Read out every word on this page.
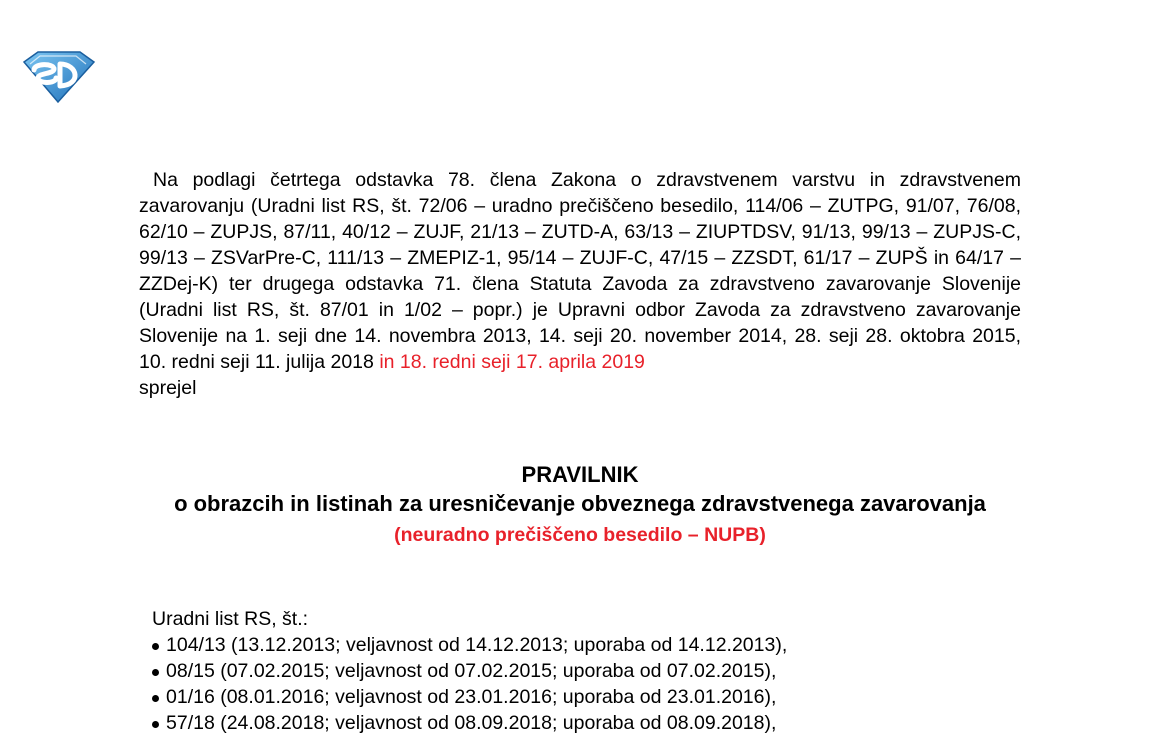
Na podlagi četrtega odstavka 78. člena Zakona o zdravstvenem varstvu in zdravstvenem zavarovanju (Uradni list RS, št. 72/06 – uradno prečiščeno besedilo, 114/06 – ZUTPG, 91/07, 76/08, 62/10 – ZUPJS, 87/11, 40/12 – ZUJF, 21/13 – ZUTD-A, 63/13 – ZIUPTDSV, 91/13, 99/13 – ZUPJS-C, 99/13 – ZSVarPre-C, 111/13 – ZMEPIZ-1, 95/14 – ZUJF-C, 47/15 – ZZSDT, 61/17 – ZUPŠ in 64/17 – ZZDej-K) ter drugega odstavka 71. člena Statuta Zavoda za zdravstveno zavarovanje Slovenije (Uradni list RS, št. 87/01 in 1/02 – popr.) je Upravni odbor Zavoda za zdravstveno zavarovanje Slovenije na 1. seji dne 14. novembra 2013, 14. seji 20. november 2014, 28. seji 28. oktobra 2015, 10. redni seji 11. julija 2018 in 18. redni seji 17. aprila 2019
sprejel

PRAVILNIK
o obrazcih in listinah za uresničevanje obveznega zdravstvenega zavarovanja
(neuradno prečiščeno besedilo – NUPB)
Uradni list RS, št.:
104/13 (13.12.2013; veljavnost od 14.12.2013; uporaba od 14.12.2013),
08/15 (07.02.2015; veljavnost od 07.02.2015; uporaba od 07.02.2015),
01/16 (08.01.2016; veljavnost od 23.01.2016; uporaba od 23.01.2016),
57/18 (24.08.2018; veljavnost od 08.09.2018; uporaba od 08.09.2018),
